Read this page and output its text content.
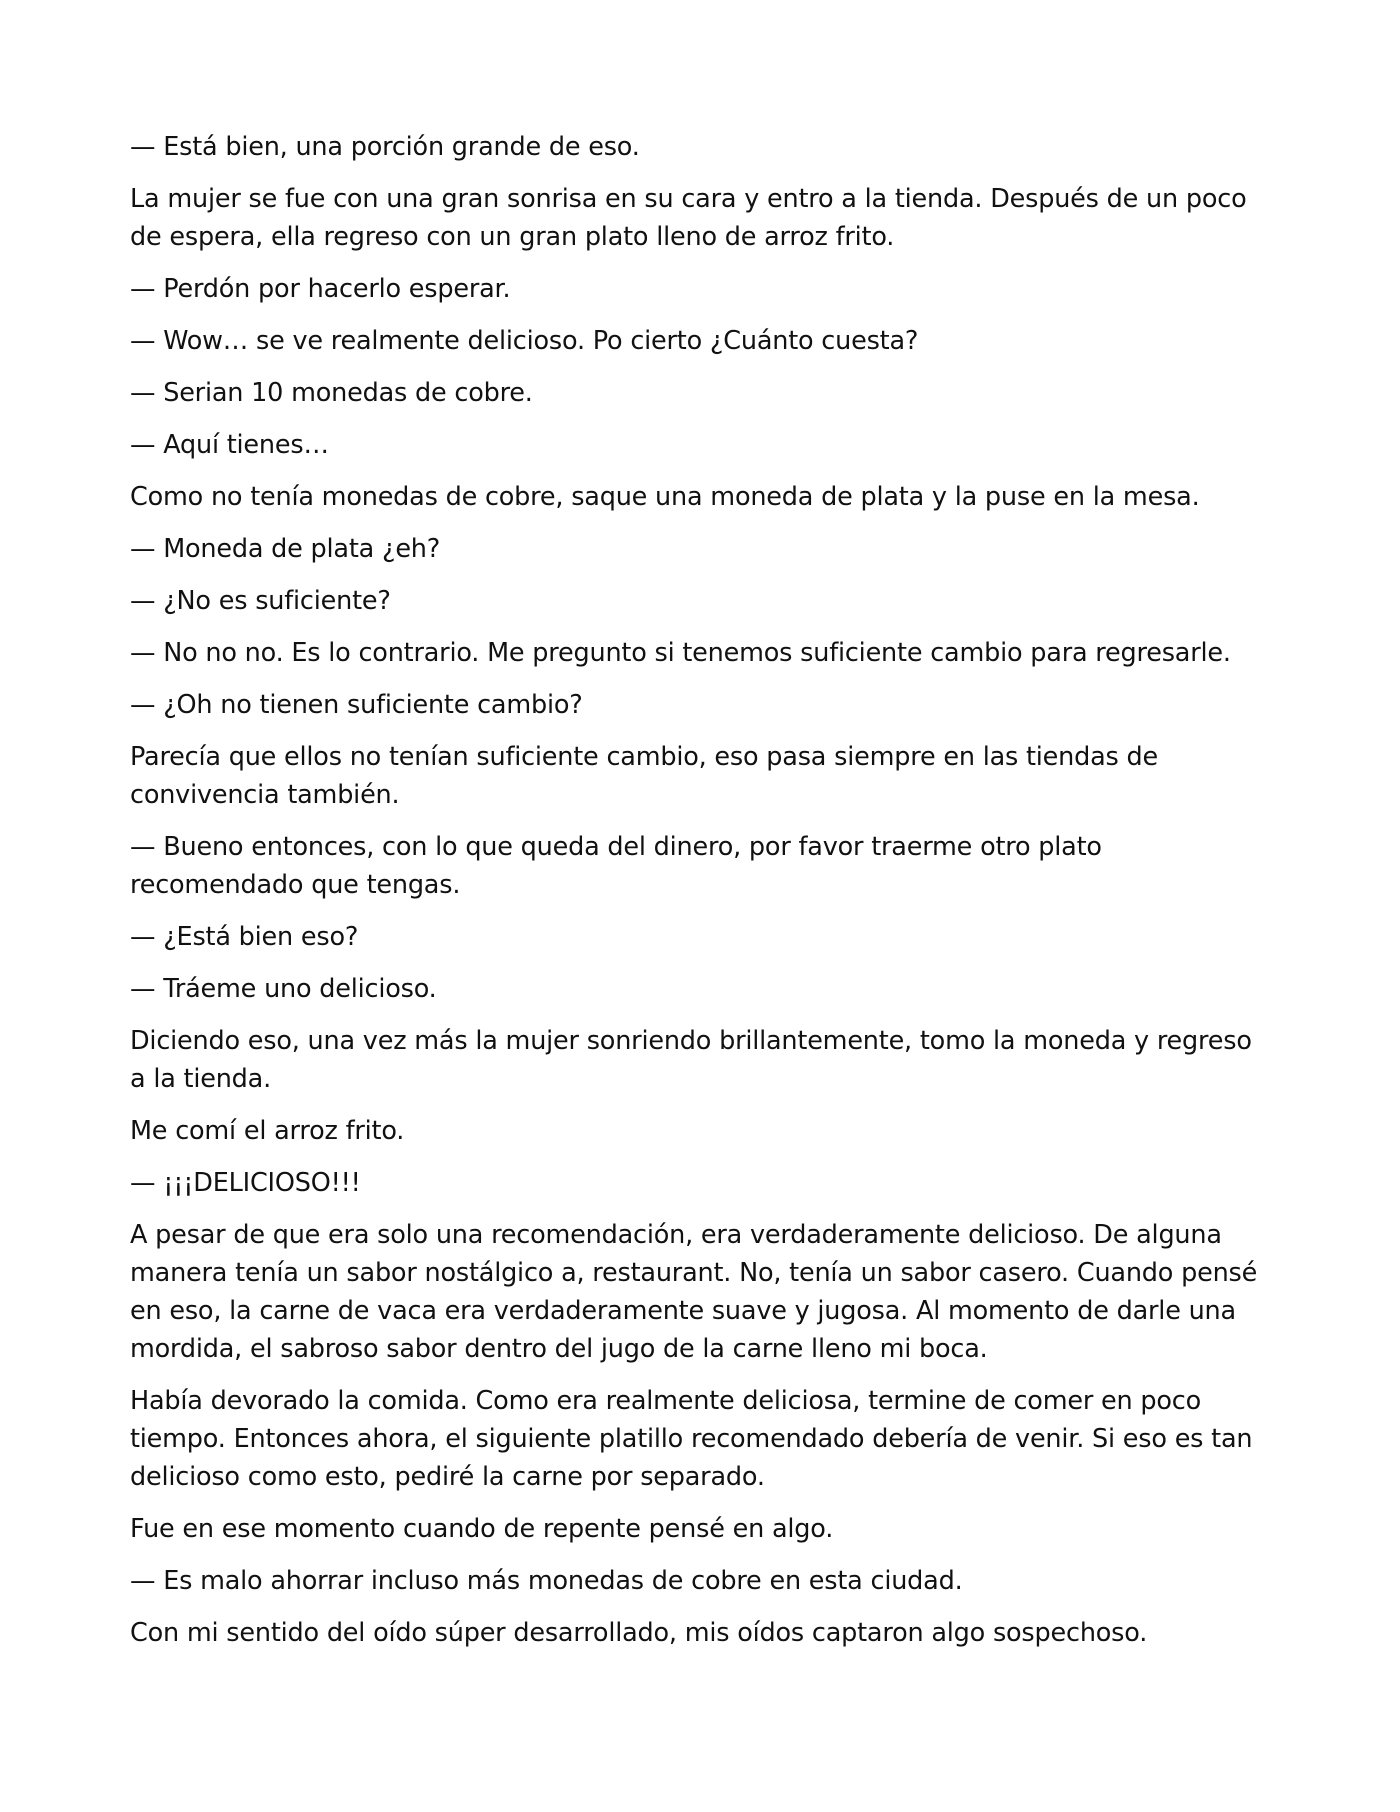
— Está bien, una porción grande de eso.

La mujer se fue con una gran sonrisa en su cara y entro a la tienda. Después de un poco de espera, ella regreso con un gran plato lleno de arroz frito.

— Perdón por hacerlo esperar.

— Wow… se ve realmente delicioso. Po cierto ¿Cuánto cuesta?

— Serian 10 monedas de cobre.

— Aquí tienes…

Como no tenía monedas de cobre, saque una moneda de plata y la puse en la mesa.

— Moneda de plata ¿eh?

— ¿No es suficiente?

— No no no. Es lo contrario. Me pregunto si tenemos suficiente cambio para regresarle.

— ¿Oh no tienen suficiente cambio?

Parecía que ellos no tenían suficiente cambio, eso pasa siempre en las tiendas de convivencia también.

— Bueno entonces, con lo que queda del dinero, por favor traerme otro plato recomendado que tengas.

— ¿Está bien eso?

— Tráeme uno delicioso.

Diciendo eso, una vez más la mujer sonriendo brillantemente, tomo la moneda y regreso a la tienda.

Me comí el arroz frito.

— ¡¡¡DELICIOSO!!!

A pesar de que era solo una recomendación, era verdaderamente delicioso. De alguna manera tenía un sabor nostálgico a, restaurant. No, tenía un sabor casero. Cuando pensé en eso, la carne de vaca era verdaderamente suave y jugosa. Al momento de darle una mordida, el sabroso sabor dentro del jugo de la carne lleno mi boca.

Había devorado la comida. Como era realmente deliciosa, termine de comer en poco tiempo. Entonces ahora, el siguiente platillo recomendado debería de venir. Si eso es tan delicioso como esto, pediré la carne por separado.

Fue en ese momento cuando de repente pensé en algo.

— Es malo ahorrar incluso más monedas de cobre en esta ciudad.

Con mi sentido del oído súper desarrollado, mis oídos captaron algo sospechoso.
